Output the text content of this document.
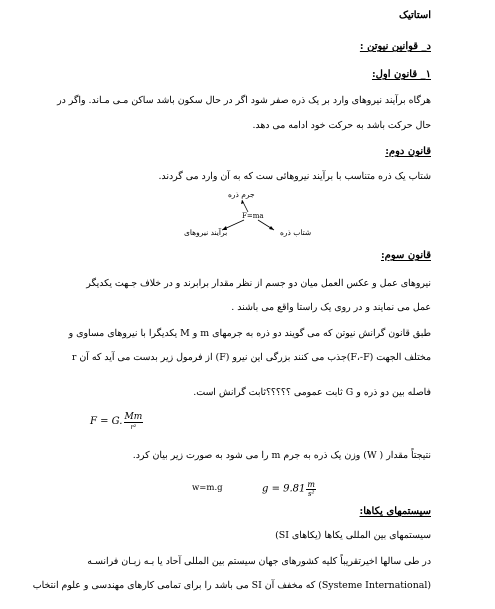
استاتیک
د_ قوانین نیوتن :
۱_ قانون اول:
هرگاه برآیند نیروهای وارد بر یک ذره صفر شود اگر در حال سکون باشد ساکن مـی مـاند. واگر در
حال حرکت باشد به حرکت خود ادامه می دهد.
قانون دوم:
شتاب یک ذره متناسب با برآیند نیروهائی ست که به آن وارد می گردند.
جرم ذره
F=ma
برآیند نیروهای	شتاب ذره
قانون سوم:
نیروهای عمل و عکس العمل میان دو جسم از نظر مقدار برابرند و در خلاف جـهت یکدیگر
عمل می نمایند و در روی یک راستا واقع می باشند .
طبق قانون گرانش نیوتن که می گویند دو ذره به جرمهای m و M یکدیگرا با نیروهای مساوی و
مختلف الجهت (F،-F)جذب می کنند بزرگی این نیرو (F) از فرمول زیر بدست می آید که آن r
فاصله بین دو ذره و G ثابت عمومی ؟؟؟؟؟ثابت گرانش است.
F = G. $\frac{Mm}{\text{r²}}$
نتیجتاً مقدار ( W) وزن یک ذره به جرم m را می شود به صورت زیر بیان کرد.
w=m.g	$g = 9.81 \frac{m}{\text{s²}}$
سیستمهای یکاها:
سیستمهای بین المللی یکاها (یکاهای SI)
در طی سالها اخیرتقریباً کلیه کشورهای جهان سیستم بین المللی آحاد یا بـه زبـان فرانسـه
(Systeme International) که مخفف آن SI می باشد را برای تمامی کارهای مهندسی و علوم انتخاب
